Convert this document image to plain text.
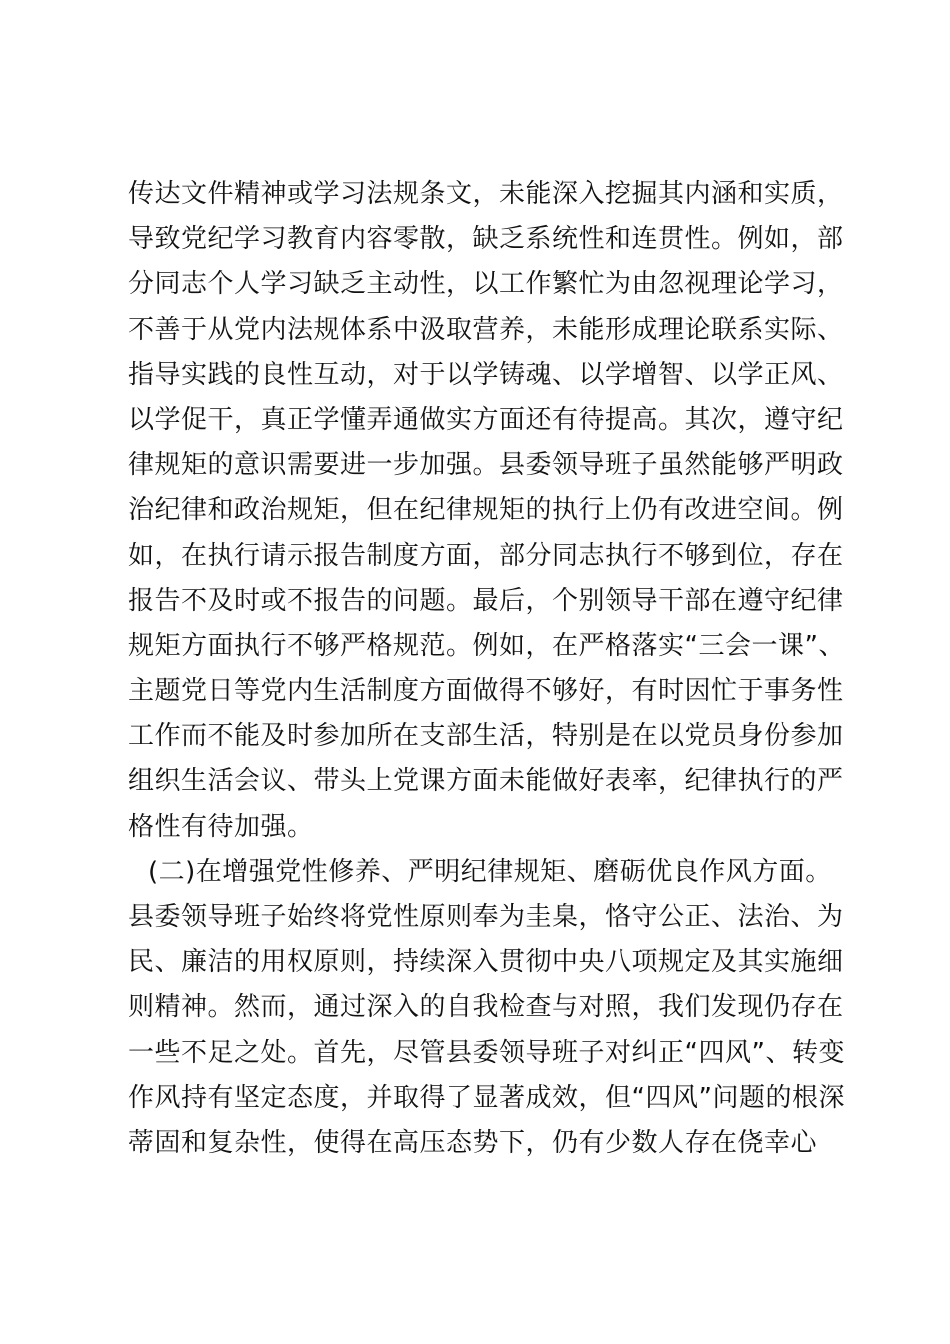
传达文件精神或学习法规条文，未能深入挖掘其内涵和实质，
导致党纪学习教育内容零散，缺乏系统性和连贯性。例如，部
分同志个人学习缺乏主动性，以工作繁忙为由忽视理论学习，
不善于从党内法规体系中汲取营养，未能形成理论联系实际、
指导实践的良性互动，对于以学铸魂、以学增智、以学正风、
以学促干，真正学懂弄通做实方面还有待提高。其次，遵守纪
律规矩的意识需要进一步加强。县委领导班子虽然能够严明政
治纪律和政治规矩，但在纪律规矩的执行上仍有改进空间。例
如，在执行请示报告制度方面，部分同志执行不够到位，存在
报告不及时或不报告的问题。最后，个别领导干部在遵守纪律
规矩方面执行不够严格规范。例如，在严格落实“三会一课”、
主题党日等党内生活制度方面做得不够好，有时因忙于事务性
工作而不能及时参加所在支部生活，特别是在以党员身份参加
组织生活会议、带头上党课方面未能做好表率，纪律执行的严
格性有待加强。
(二)在增强党性修养、严明纪律规矩、磨砺优良作风方面。
县委领导班子始终将党性原则奉为圭臬，恪守公正、法治、为
民、廉洁的用权原则，持续深入贯彻中央八项规定及其实施细
则精神。然而，通过深入的自我检查与对照，我们发现仍存在
一些不足之处。首先，尽管县委领导班子对纠正“四风”、转变
作风持有坚定态度，并取得了显著成效，但“四风”问题的根深
蒂固和复杂性，使得在高压态势下，仍有少数人存在侥幸心
